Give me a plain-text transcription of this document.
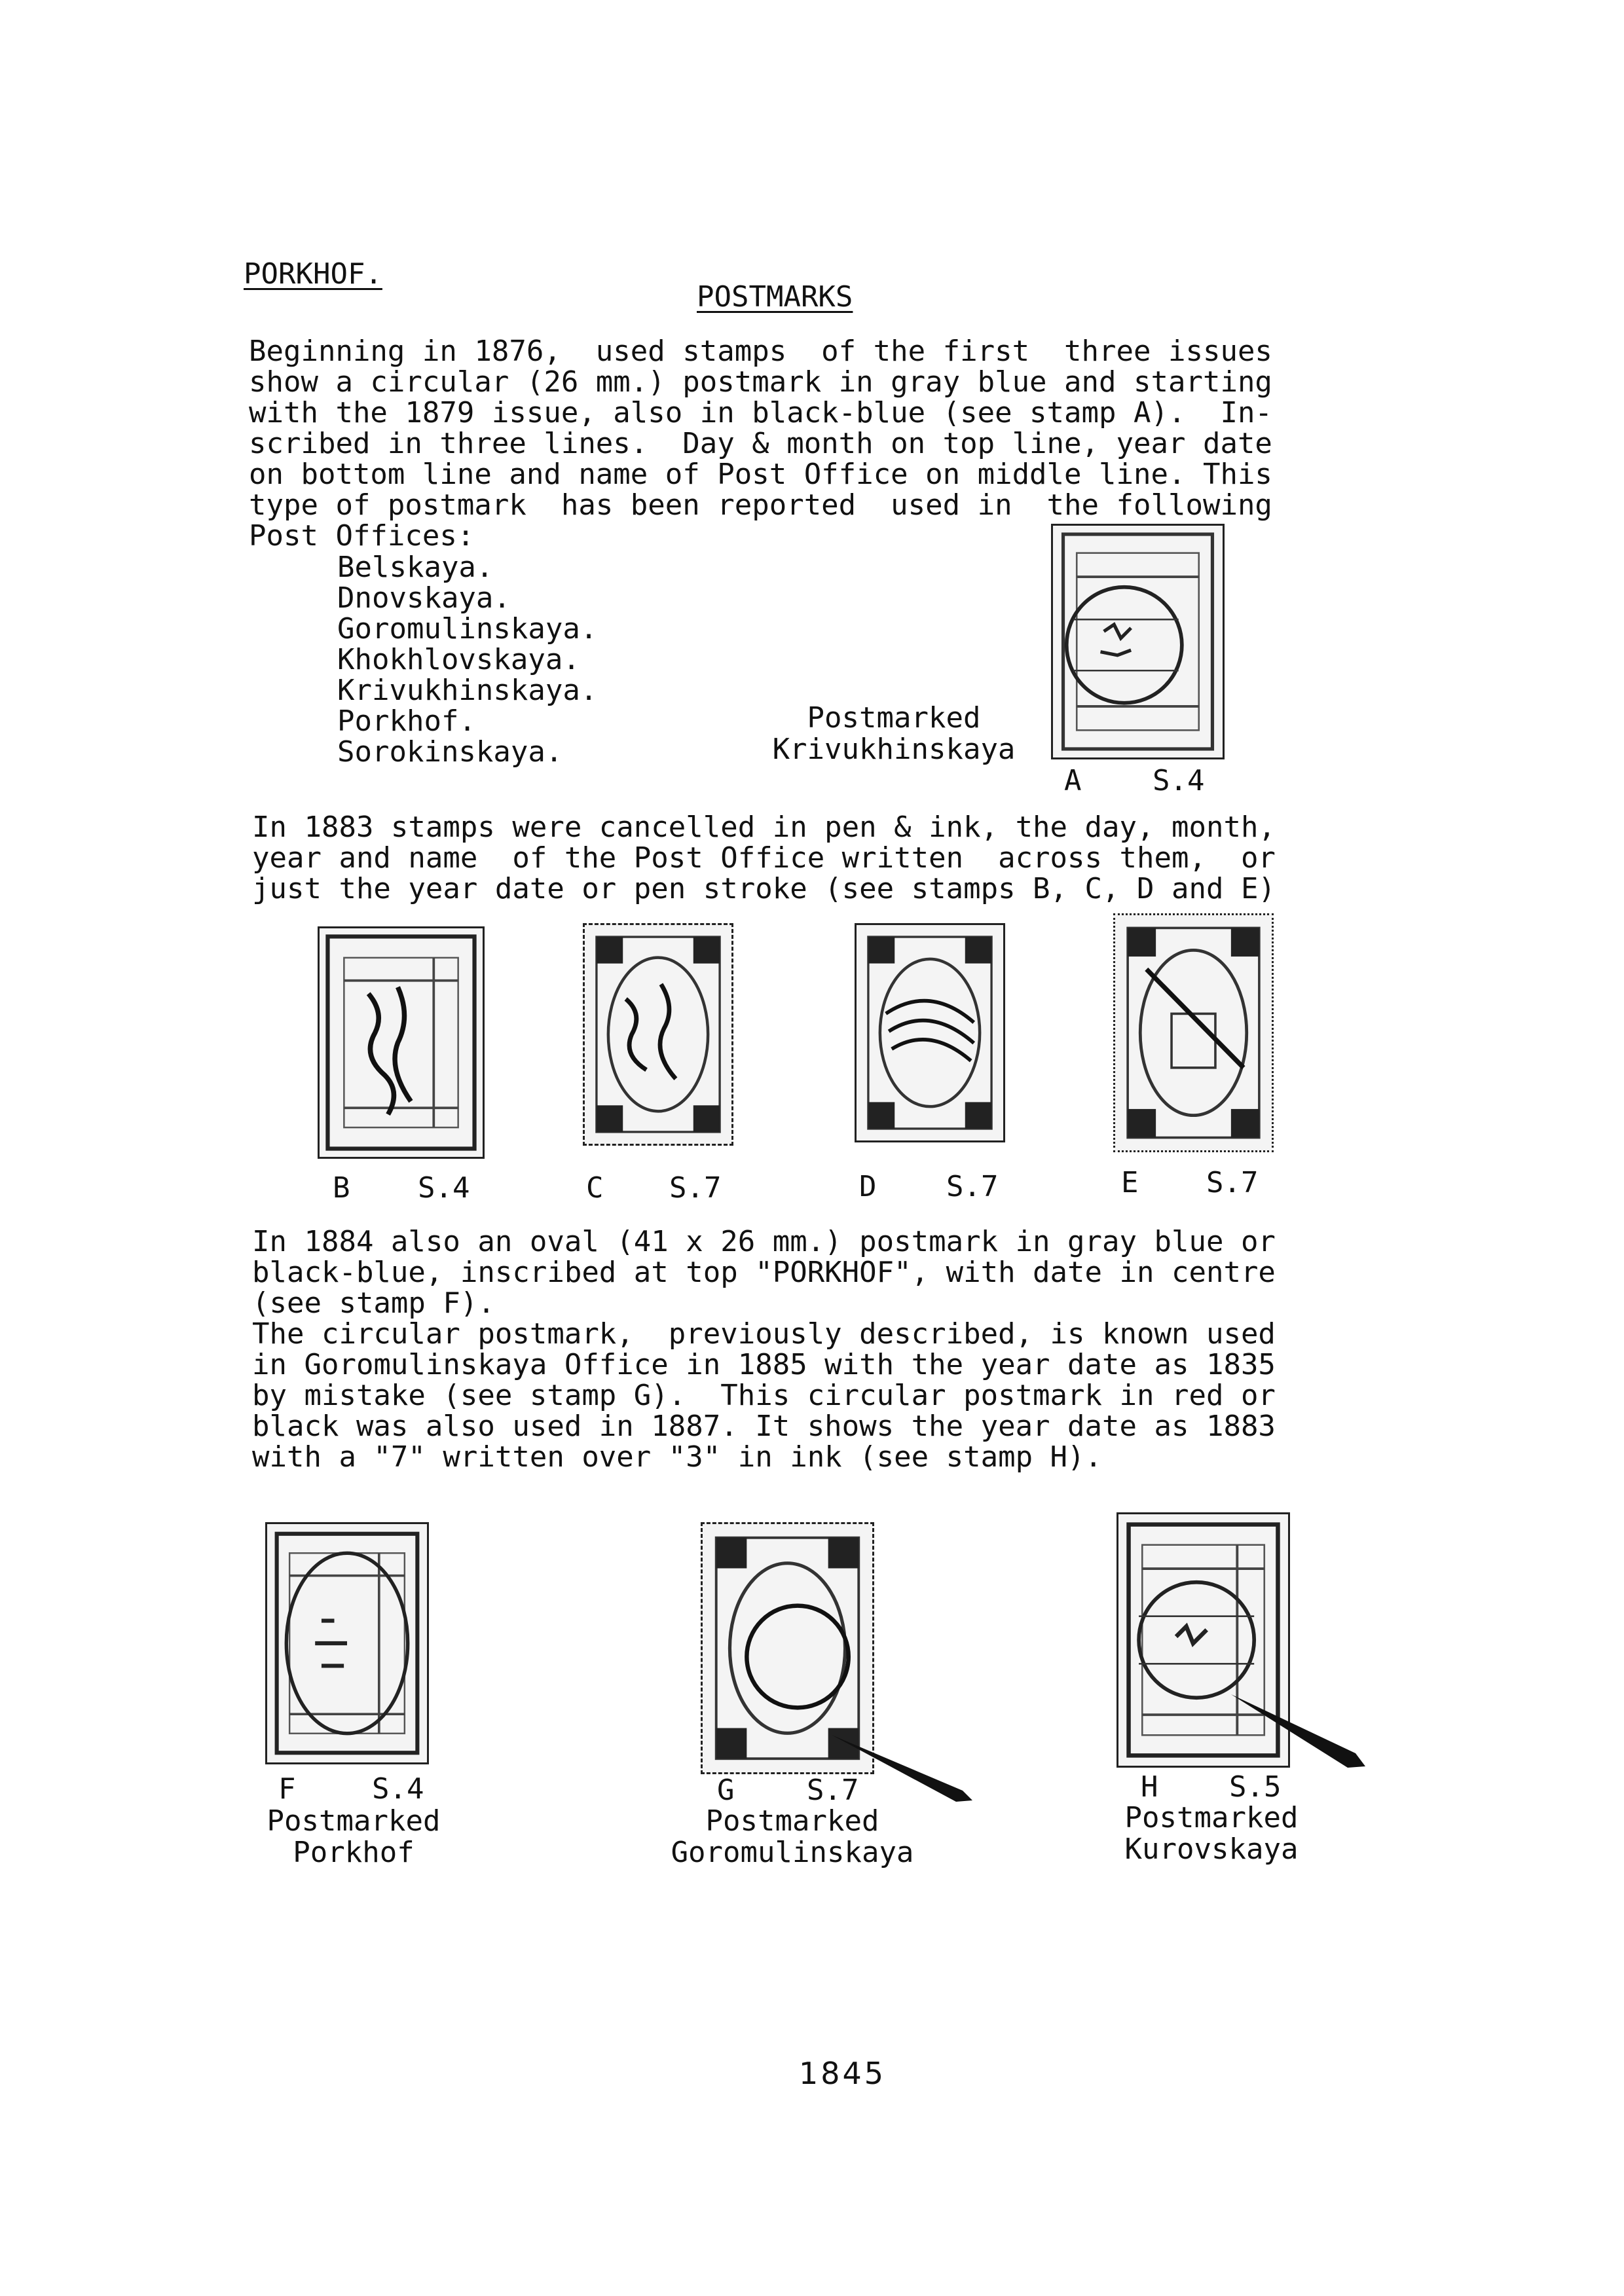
PORKHOF.
POSTMARKS
Beginning in 1876,  used stamps  of the first  three issues
show a circular (26 mm.) postmark in gray blue and starting
with the 1879 issue, also in black-blue (see stamp A).  In-
scribed in three lines.  Day & month on top line, year date
on bottom line and name of Post Office on middle line. This
type of postmark  has been reported  used in  the following
Post Offices:
Belskaya.
Dnovskaya.
Goromulinskaya.
Khokhlovskaya.
Krivukhinskaya.
Porkhof.
Sorokinskaya.
Postmarked
Krivukhinskaya
A S.4
In 1883 stamps were cancelled in pen & ink, the day, month,
year and name  of the Post Office written  across them,  or
just the year date or pen stroke (see stamps B, C, D and E)
B S.4	C S.7	D S.7	E S.7
In 1884 also an oval (41 x 26 mm.) postmark in gray blue or
black-blue, inscribed at top "PORKHOF", with date in centre
(see stamp F).
The circular postmark,  previously described, is known used
in Goromulinskaya Office in 1885 with the year date as 1835
by mistake (see stamp G).  This circular postmark in red or
black was also used in 1887. It shows the year date as 1883
with a "7" written over "3" in ink (see stamp H).
F	S.4
Postmarked
Porkhof
G	S.7
Postmarked
Goromulinskaya
H S.5
Postmarked
Kurovskaya
1845
